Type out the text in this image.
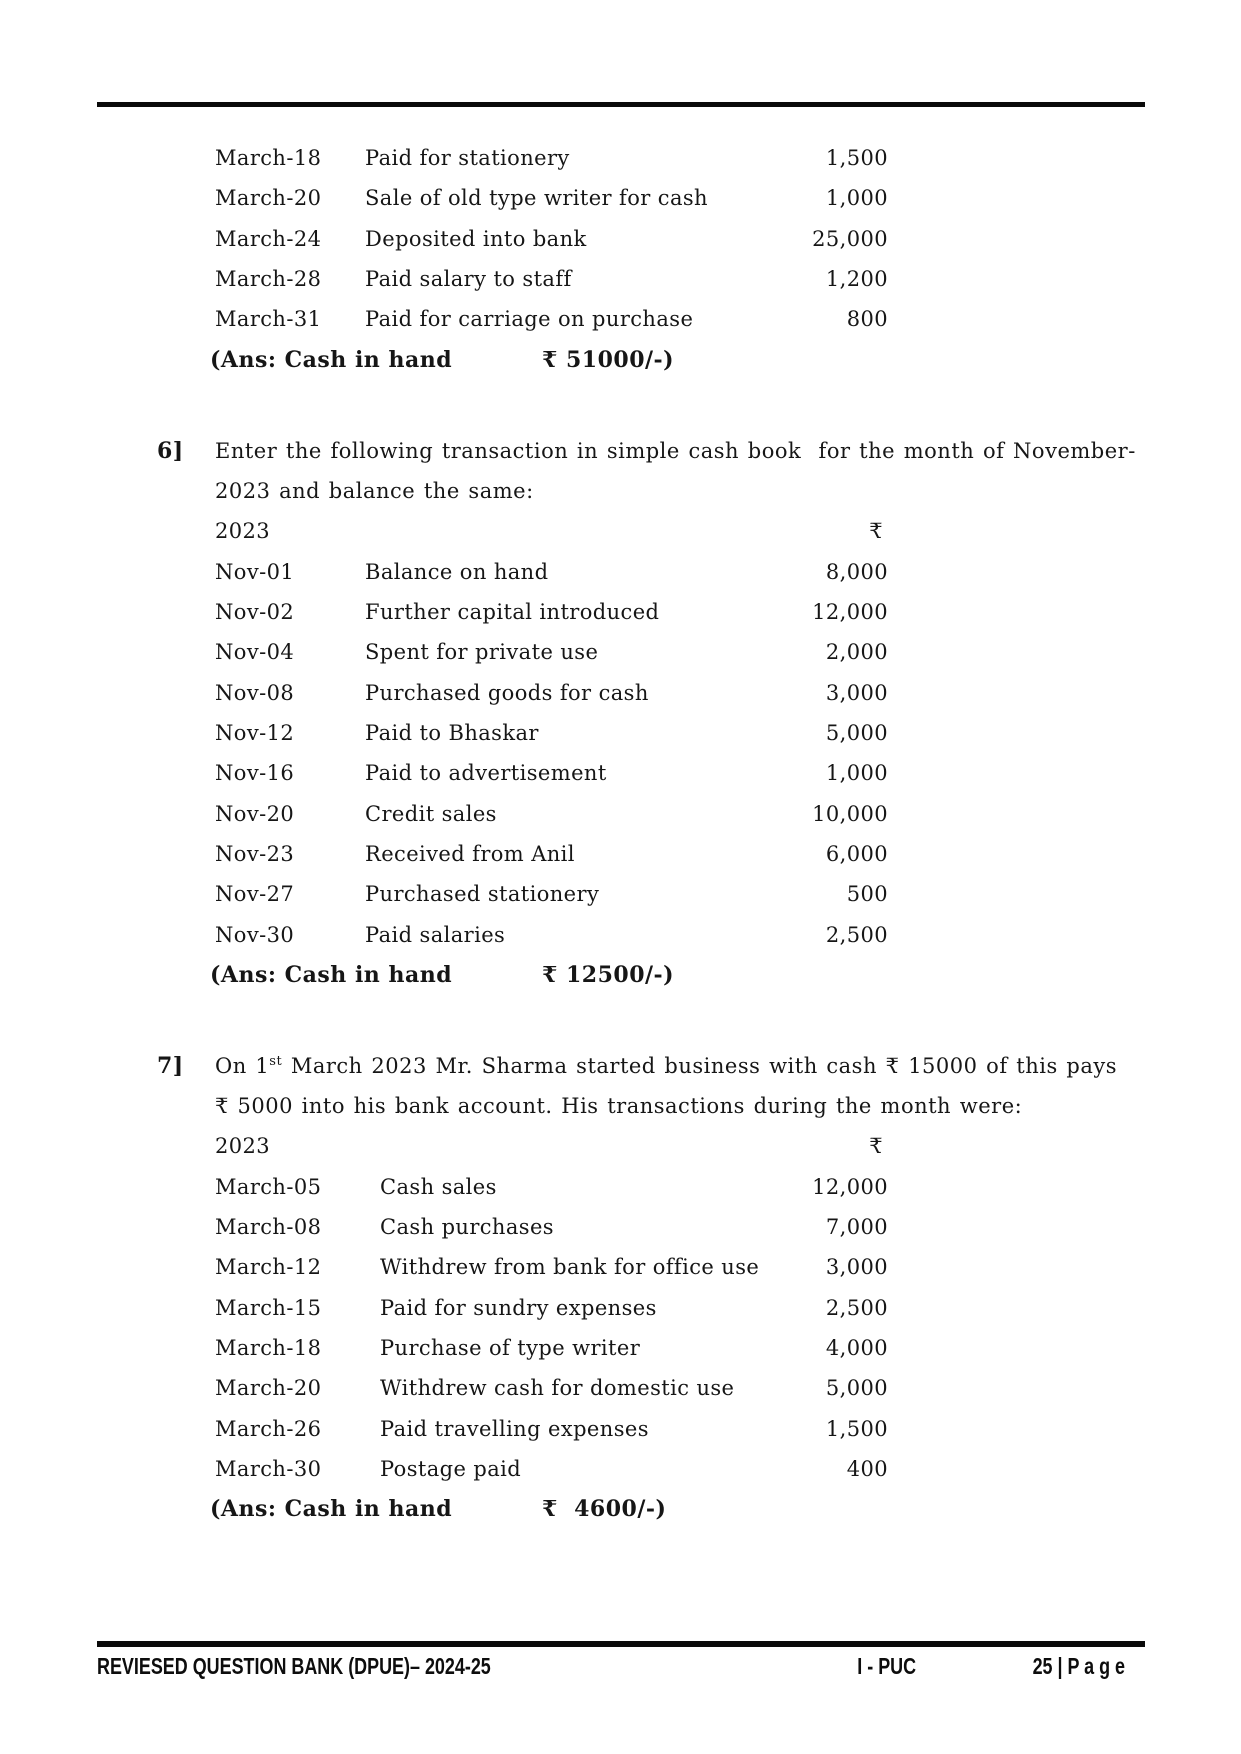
March-18 Paid for stationery	1,500
March-20 Sale of old type writer for cash	1,000
March-24 Deposited into bank	25,000
March-28 Paid salary to staff	1,200
March-31 Paid for carriage on purchase	800
(Ans: Cash in hand	₹ 51000/-)
6] Enter the following transaction in simple cash book  for the month of November-
2023 and balance the same:
2023	₹
Nov-01	Balance on hand	8,000
Nov-02	Further capital introduced	12,000
Nov-04	Spent for private use	2,000
Nov-08	Purchased goods for cash	3,000
Nov-12	Paid to Bhaskar	5,000
Nov-16	Paid to advertisement	1,000
Nov-20	Credit sales	10,000
Nov-23	Received from Anil	6,000
Nov-27	Purchased stationery	500
Nov-30	Paid salaries	2,500
(Ans: Cash in hand	₹ 12500/-)
7] On 1st March 2023 Mr. Sharma started business with cash ₹ 15000 of this pays
₹ 5000 into his bank account. His transactions during the month were:
2023	₹
March-05	Cash sales	12,000
March-08	Cash purchases	7,000
March-12	Withdrew from bank for office use	3,000
March-15	Paid for sundry expenses	2,500
March-18	Purchase of type writer	4,000
March-20	Withdrew cash for domestic use	5,000
March-26	Paid travelling expenses	1,500
March-30	Postage paid	400
(Ans: Cash in hand	₹  4600/-)
REVIESED QUESTION BANK (DPUE)– 2024-25	I - PUC	25 | P a g e
